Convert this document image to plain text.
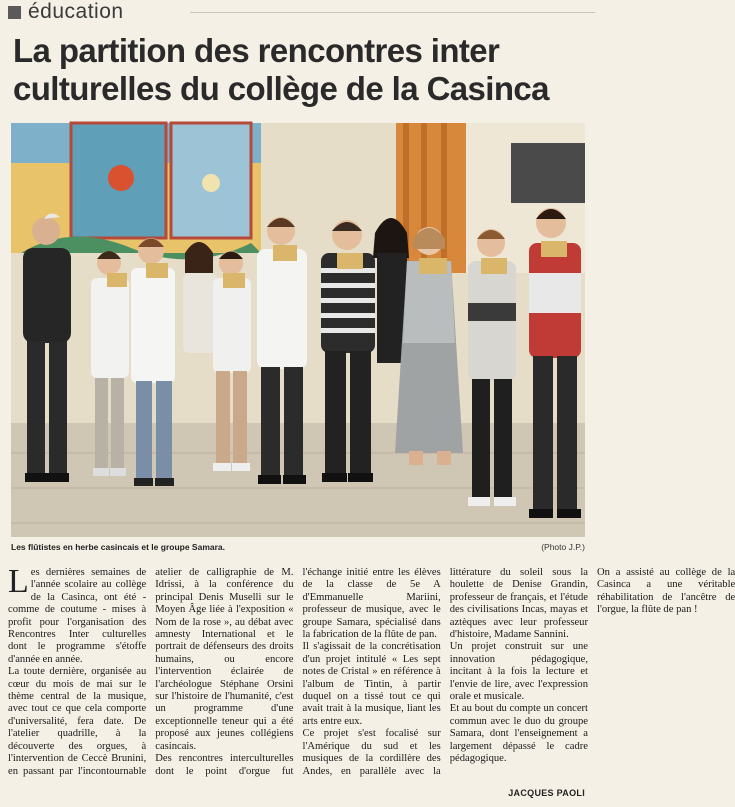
éducation
La partition des rencontres inter culturelles du collège de la Casinca
Les flûtistes en herbe casincais et le groupe Samara.	(Photo J.P.)

Les dernières semaines de l'année scolaire au collège de la Casinca, ont été - comme de coutume - mises à profit pour l'organisation des Rencontres Inter culturelles dont le programme s'étoffe d'année en année.

La toute dernière, organisée au cœur du mois de mai sur le thème central de la musique, avec tout ce que cela comporte d'universalité, fera date. De l'atelier quadrille, à la découverte des orgues, à l'intervention de Ceccè Brunini, en passant par l'incontournable atelier de calligraphie de M. Idrissi, à la conférence du principal Denis Muselli sur le Moyen Âge liée à l'exposition « Nom de la rose », au débat avec amnesty International et le portrait de défenseurs des droits humains, ou encore l'intervention éclairée de l'archéologue Stéphane Orsini sur l'histoire de l'humanité, c'est un programme d'une exceptionnelle teneur qui a été proposé aux jeunes collégiens casincais.

Des rencontres interculturelles dont le point d'orgue fut l'échange initié entre les élèves de la classe de 5e A d'Emmanuelle Mariini, professeur de musique, avec le groupe Samara, spécialisé dans la fabrication de la flûte de pan.

Il s'agissait de la concrétisation d'un projet intitulé « Les sept notes de Cristal » en référence à l'album de Tintin, à partir duquel on a tissé tout ce qui avait trait à la musique, liant les arts entre eux.

Ce projet s'est focalisé sur l'Amérique du sud et les musiques de la cordillère des Andes, en parallèle avec la littérature du soleil sous la houlette de Denise Grandin, professeur de français, et l'étude des civilisations Incas, mayas et aztèques avec leur professeur d'histoire, Madame Sannini.

Un projet construit sur une innovation pédagogique, incitant à la fois la lecture et l'envie de lire, avec l'expression orale et musicale.

Et au bout du compte un concert commun avec le duo du groupe Samara, dont l'enseignement a largement dépassé le cadre pédagogique.

On a assisté au collège de la Casinca a une véritable réhabilitation de l'ancêtre de l'orgue, la flûte de pan !

JACQUES PAOLI
